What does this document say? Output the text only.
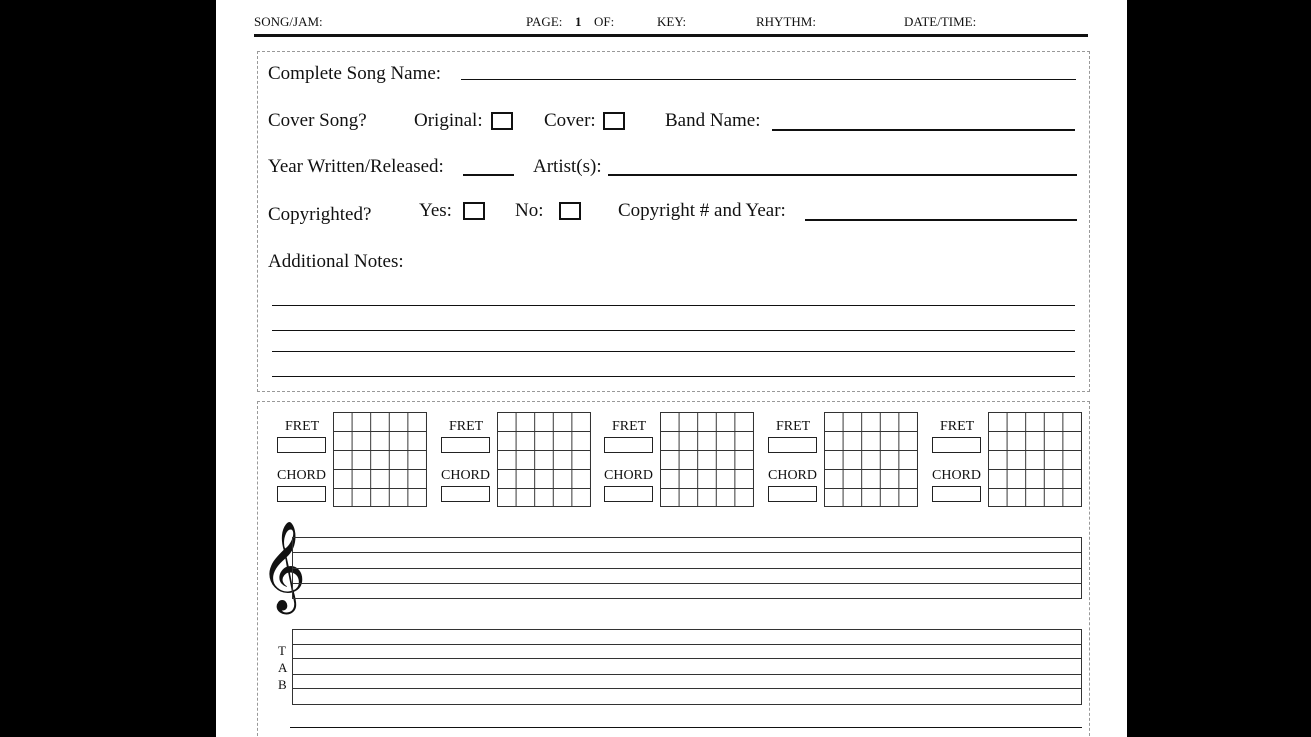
SONG/JAM:	PAGE: 1 OF:	KEY:	RHYTHM:	DATE/TIME:
Complete Song Name:
Cover Song? Original:	Cover:	Band Name:
Year Written/Released:	Artist(s):
Copyrighted?	Yes:	No:	Copyright # and Year:
Additional Notes:
FRET
CHORD
FRET
CHORD
FRET
CHORD
FRET
CHORD
FRET
CHORD
𝄞
T
A
B
